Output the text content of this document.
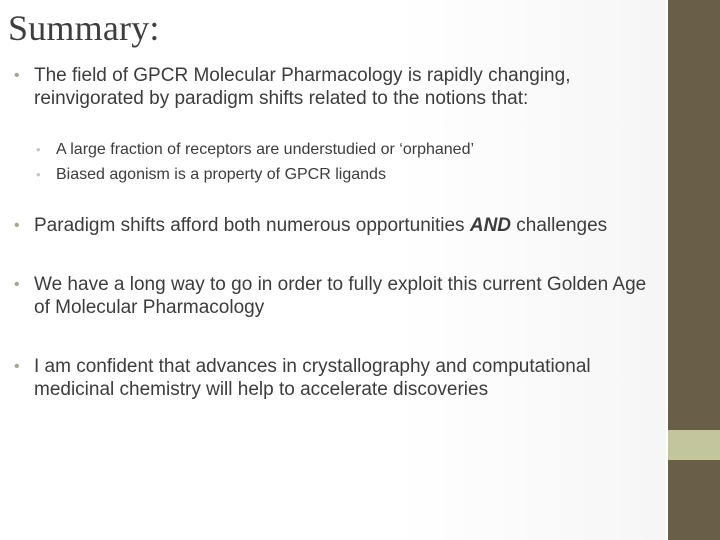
Summary:
• The field of GPCR Molecular Pharmacology is rapidly changing, reinvigorated by paradigm shifts related to the notions that:
• A large fraction of receptors are understudied or ‘orphaned’
• Biased agonism is a property of GPCR ligands
• Paradigm shifts afford both numerous opportunities AND challenges
• We have a long way to go in order to fully exploit this current Golden Age of Molecular Pharmacology
• I am confident that advances in crystallography and computational medicinal chemistry will help to accelerate discoveries
